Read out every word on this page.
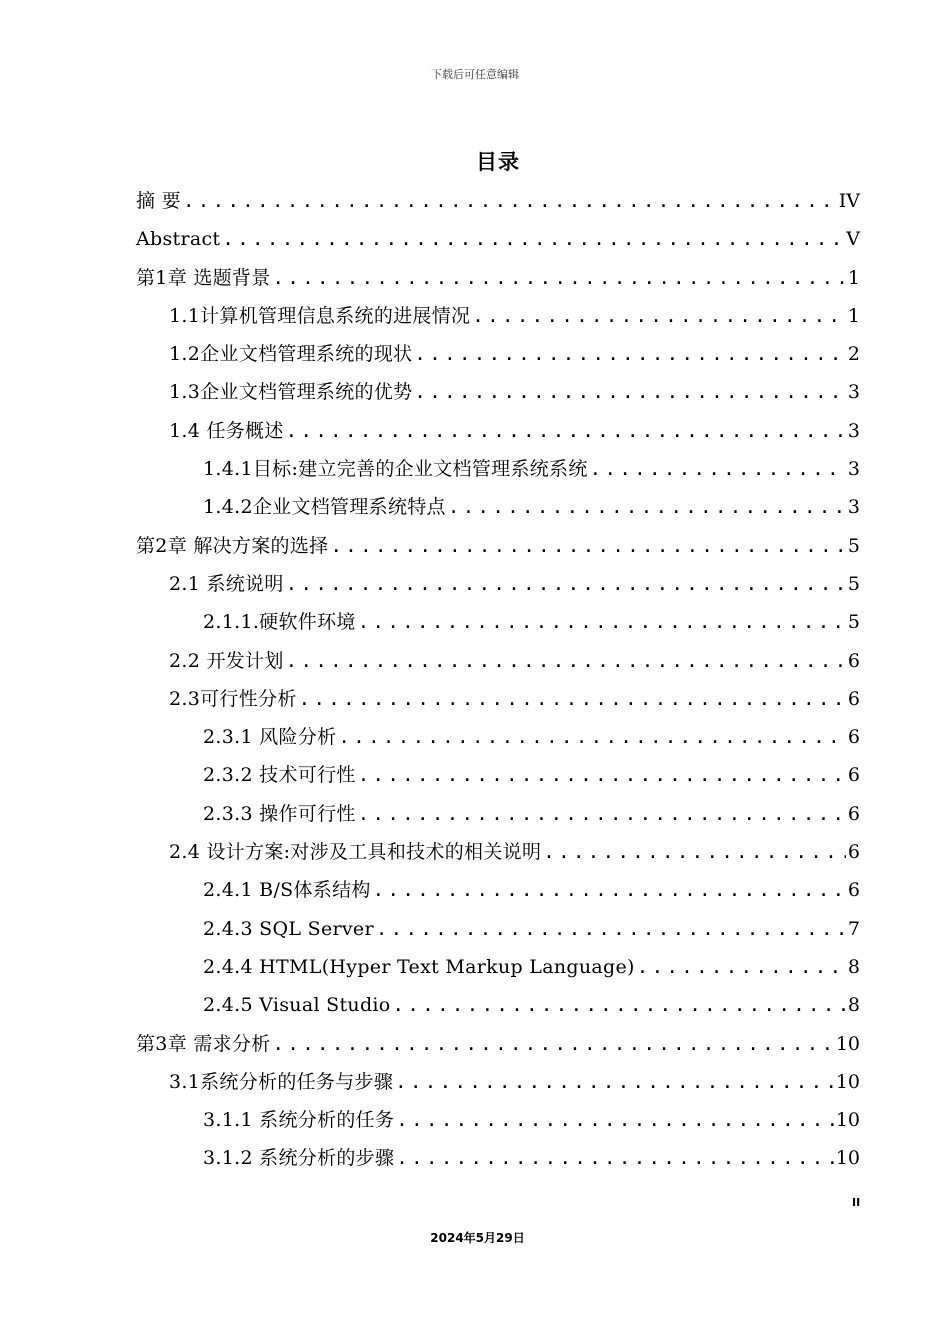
下载后可任意编辑
目录
摘 要 .....	IV
Abstract .....	V
第1章 选题背景 .....	1
1.1计算机管理信息系统的进展情况 .....	1
1.2企业文档管理系统的现状 .....	2
1.3企业文档管理系统的优势 .....	3
1.4 任务概述 .....	3
1.4.1目标:建立完善的企业文档管理系统系统 .....	3
1.4.2企业文档管理系统特点 .....	3
第2章 解决方案的选择 .....	5
2.1 系统说明 .....	5
2.1.1.硬软件环境 .....	5
2.2 开发计划 .....	6
2.3可行性分析 .....	6
2.3.1 风险分析 .....	6
2.3.2 技术可行性 .....	6
2.3.3 操作可行性 .....	6
2.4 设计方案:对涉及工具和技术的相关说明 .....	6
2.4.1 B/S体系结构 .....	6
2.4.3 SQL Server .....	7
2.4.4 HTML(Hyper Text Markup Language) .....	8
2.4.5 Visual Studio .....	8
第3章 需求分析 .....	10
3.1系统分析的任务与步骤 .....	10
3.1.1 系统分析的任务 .....	10
3.1.2 系统分析的步骤 .....	10
II
2024年5月29日
